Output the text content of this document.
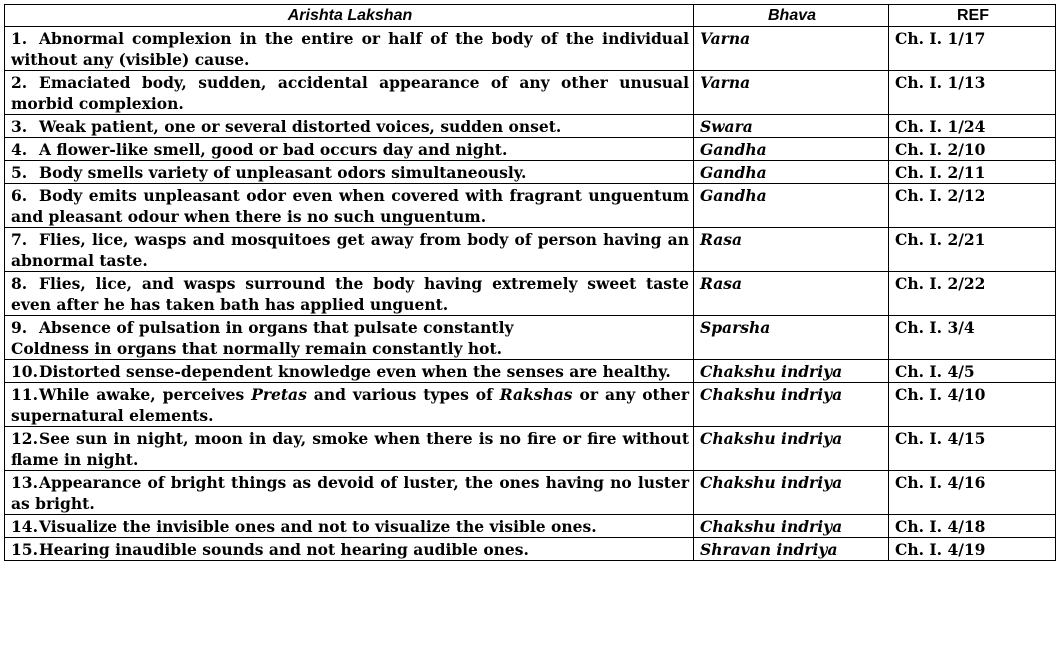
Arishta Lakshan	Bhava	REF
1. Abnormal complexion in the entire or half of the body of the individual without any (visible) cause.	Varna	Ch. I. 1/17
2. Emaciated body, sudden, accidental appearance of any other unusual morbid complexion.	Varna	Ch. I. 1/13
3. Weak patient, one or several distorted voices, sudden onset.	Swara	Ch. I. 1/24
4. A flower-like smell, good or bad occurs day and night.	Gandha	Ch. I. 2/10
5. Body smells variety of unpleasant odors simultaneously.	Gandha	Ch. I. 2/11
6. Body emits unpleasant odor even when covered with fragrant unguentum and pleasant odour when there is no such unguentum.	Gandha	Ch. I. 2/12
7. Flies, lice, wasps and mosquitoes get away from body of person having an abnormal taste.	Rasa	Ch. I. 2/21
8. Flies, lice, and wasps surround the body having extremely sweet taste even after he has taken bath has applied unguent.	Rasa	Ch. I. 2/22
9. Absence of pulsation in organs that pulsate constantly
Coldness in organs that normally remain constantly hot.	Sparsha	Ch. I. 3/4
10.Distorted sense-dependent knowledge even when the senses are healthy.	Chakshu indriya	Ch. I. 4/5
11.While awake, perceives Pretas and various types of Rakshas or any other supernatural elements.	Chakshu indriya	Ch. I. 4/10
12.See sun in night, moon in day, smoke when there is no fire or fire without flame in night.	Chakshu indriya	Ch. I. 4/15
13.Appearance of bright things as devoid of luster, the ones having no luster as bright.	Chakshu indriya	Ch. I. 4/16
14.Visualize the invisible ones and not to visualize the visible ones.	Chakshu indriya	Ch. I. 4/18
15.Hearing inaudible sounds and not hearing audible ones.	Shravan indriya	Ch. I. 4/19
